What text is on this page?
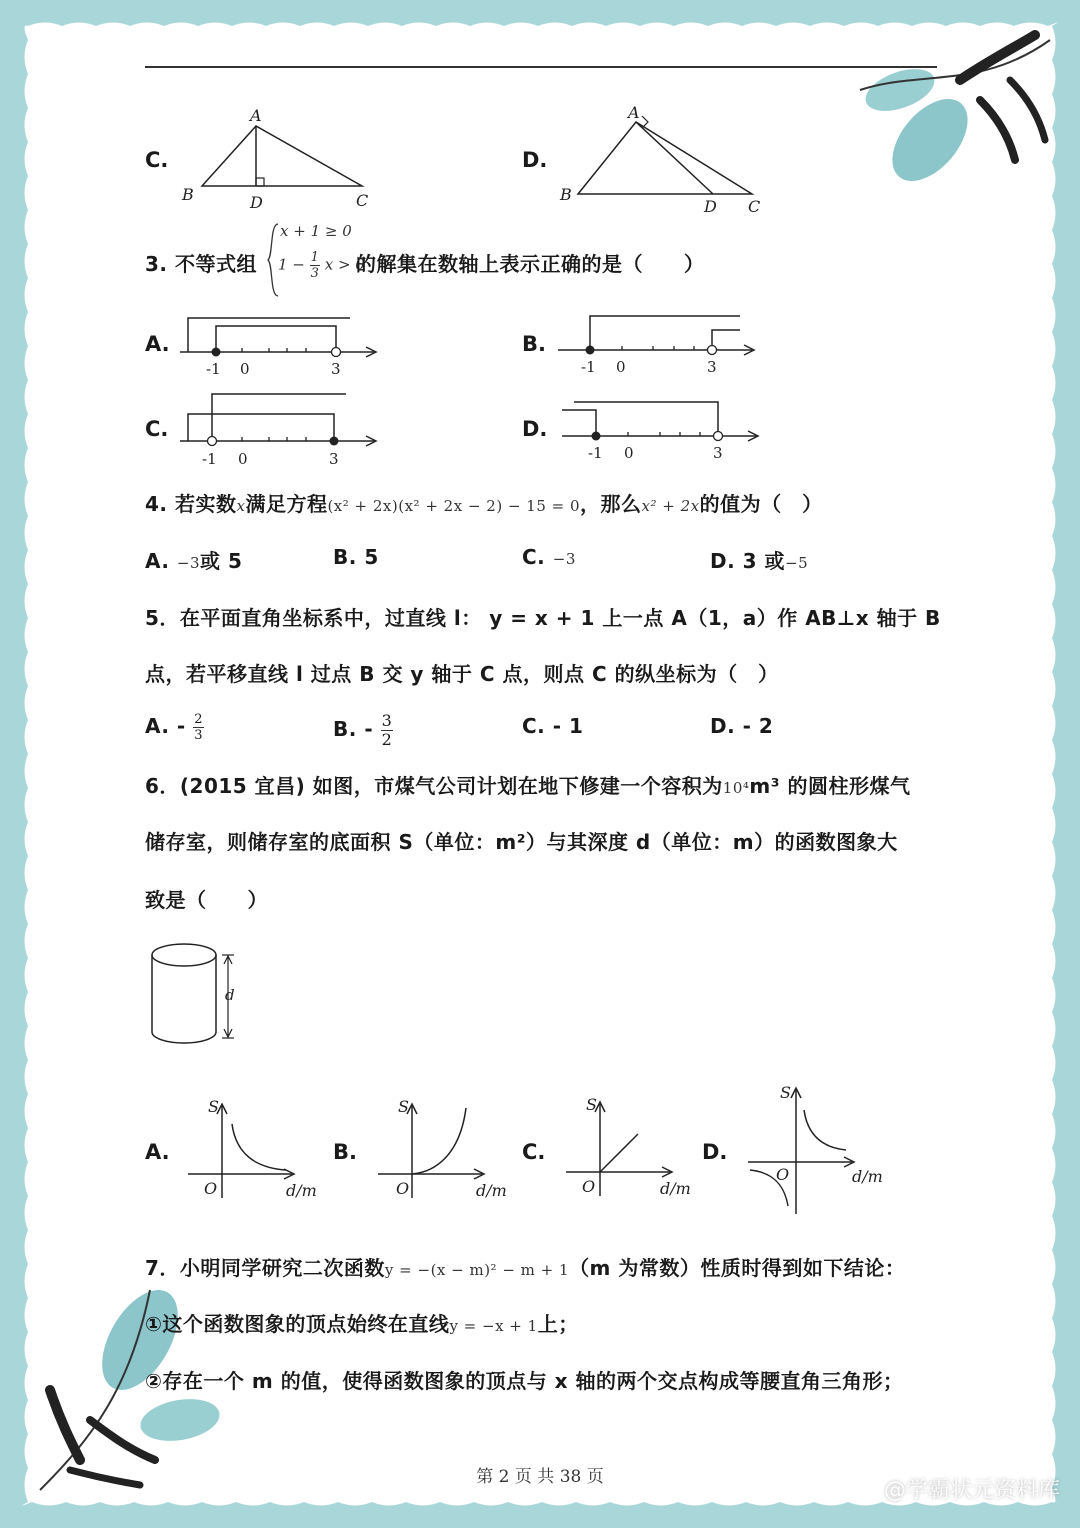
C.
A
B	D	C
D.
A
B
D C
3. 不等式组
x + 1 ≥ 0
$1 - \frac{1}{3}$ x > 0
的解集在数轴上表示正确的是（　　）
A.
-1 0	3
B.
-1 0	3
C.
-1 0	3
D.
-1 0	3
4. 若实数x满足方程(x² + 2x)(x² + 2x − 2) − 15 = 0，那么x² + 2x的值为（　）
A. −3或 5	B. 5	C. −3	D. 3 或−5
5．在平面直角坐标系中，过直线 l： y = x + 1 上一点 A（1，a）作 AB⊥x 轴于 B
点，若平移直线 l 过点 B 交 y 轴于 C 点，则点 C 的纵坐标为（　）
A. - $\frac{2}{3}$	B. - $\frac{3}{2}$	C. - 1	D. - 2
6．(2015 宜昌) 如图，市煤气公司计划在地下修建一个容积为10⁴m³ 的圆柱形煤气
储存室，则储存室的底面积 S（单位：m²）与其深度 d（单位：m）的函数图象大
致是（　　）
d
A.
S
O	d/m
B.
S
O	d/m
C.
S
O	d/m
D.
S
O	d/m
7．小明同学研究二次函数y = −(x − m)² − m + 1（m 为常数）性质时得到如下结论：
①这个函数图象的顶点始终在直线y = −x + 1上；
②存在一个 m 的值，使得函数图象的顶点与 x 轴的两个交点构成等腰直角三角形；
第 2 页 共 38 页
@学霸状元资料库
